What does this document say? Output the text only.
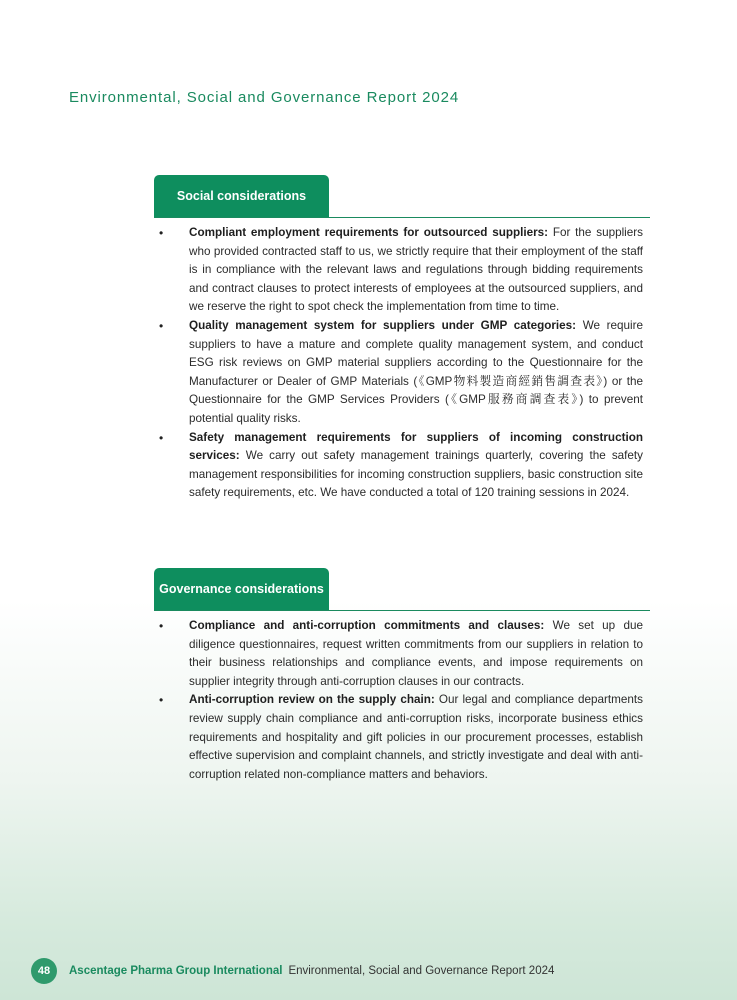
Environmental, Social and Governance Report 2024
Social considerations
• Compliant employment requirements for outsourced suppliers: For the suppliers who provided contracted staff to us, we strictly require that their employment of the staff is in compliance with the relevant laws and regulations through bidding requirements and contract clauses to protect interests of employees at the outsourced suppliers, and we reserve the right to spot check the implementation from time to time.
• Quality management system for suppliers under GMP categories: We require suppliers to have a mature and complete quality management system, and conduct ESG risk reviews on GMP material suppliers according to the Questionnaire for the Manufacturer or Dealer of GMP Materials (《GMP物料製造商經銷售調查表》) or the Questionnaire for the GMP Services Providers (《GMP服務商調查表》) to prevent potential quality risks.
• Safety management requirements for suppliers of incoming construction services: We carry out safety management trainings quarterly, covering the safety management responsibilities for incoming construction suppliers, basic construction site safety requirements, etc. We have conducted a total of 120 training sessions in 2024.
Governance considerations
• Compliance and anti-corruption commitments and clauses: We set up due diligence questionnaires, request written commitments from our suppliers in relation to their business relationships and compliance events, and impose requirements on supplier integrity through anti-corruption clauses in our contracts.
• Anti-corruption review on the supply chain: Our legal and compliance departments review supply chain compliance and anti-corruption risks, incorporate business ethics requirements and hospitality and gift policies in our procurement processes, establish effective supervision and complaint channels, and strictly investigate and deal with anti-corruption related non-compliance matters and behaviors.
48	Ascentage Pharma Group International Environmental, Social and Governance Report 2024
